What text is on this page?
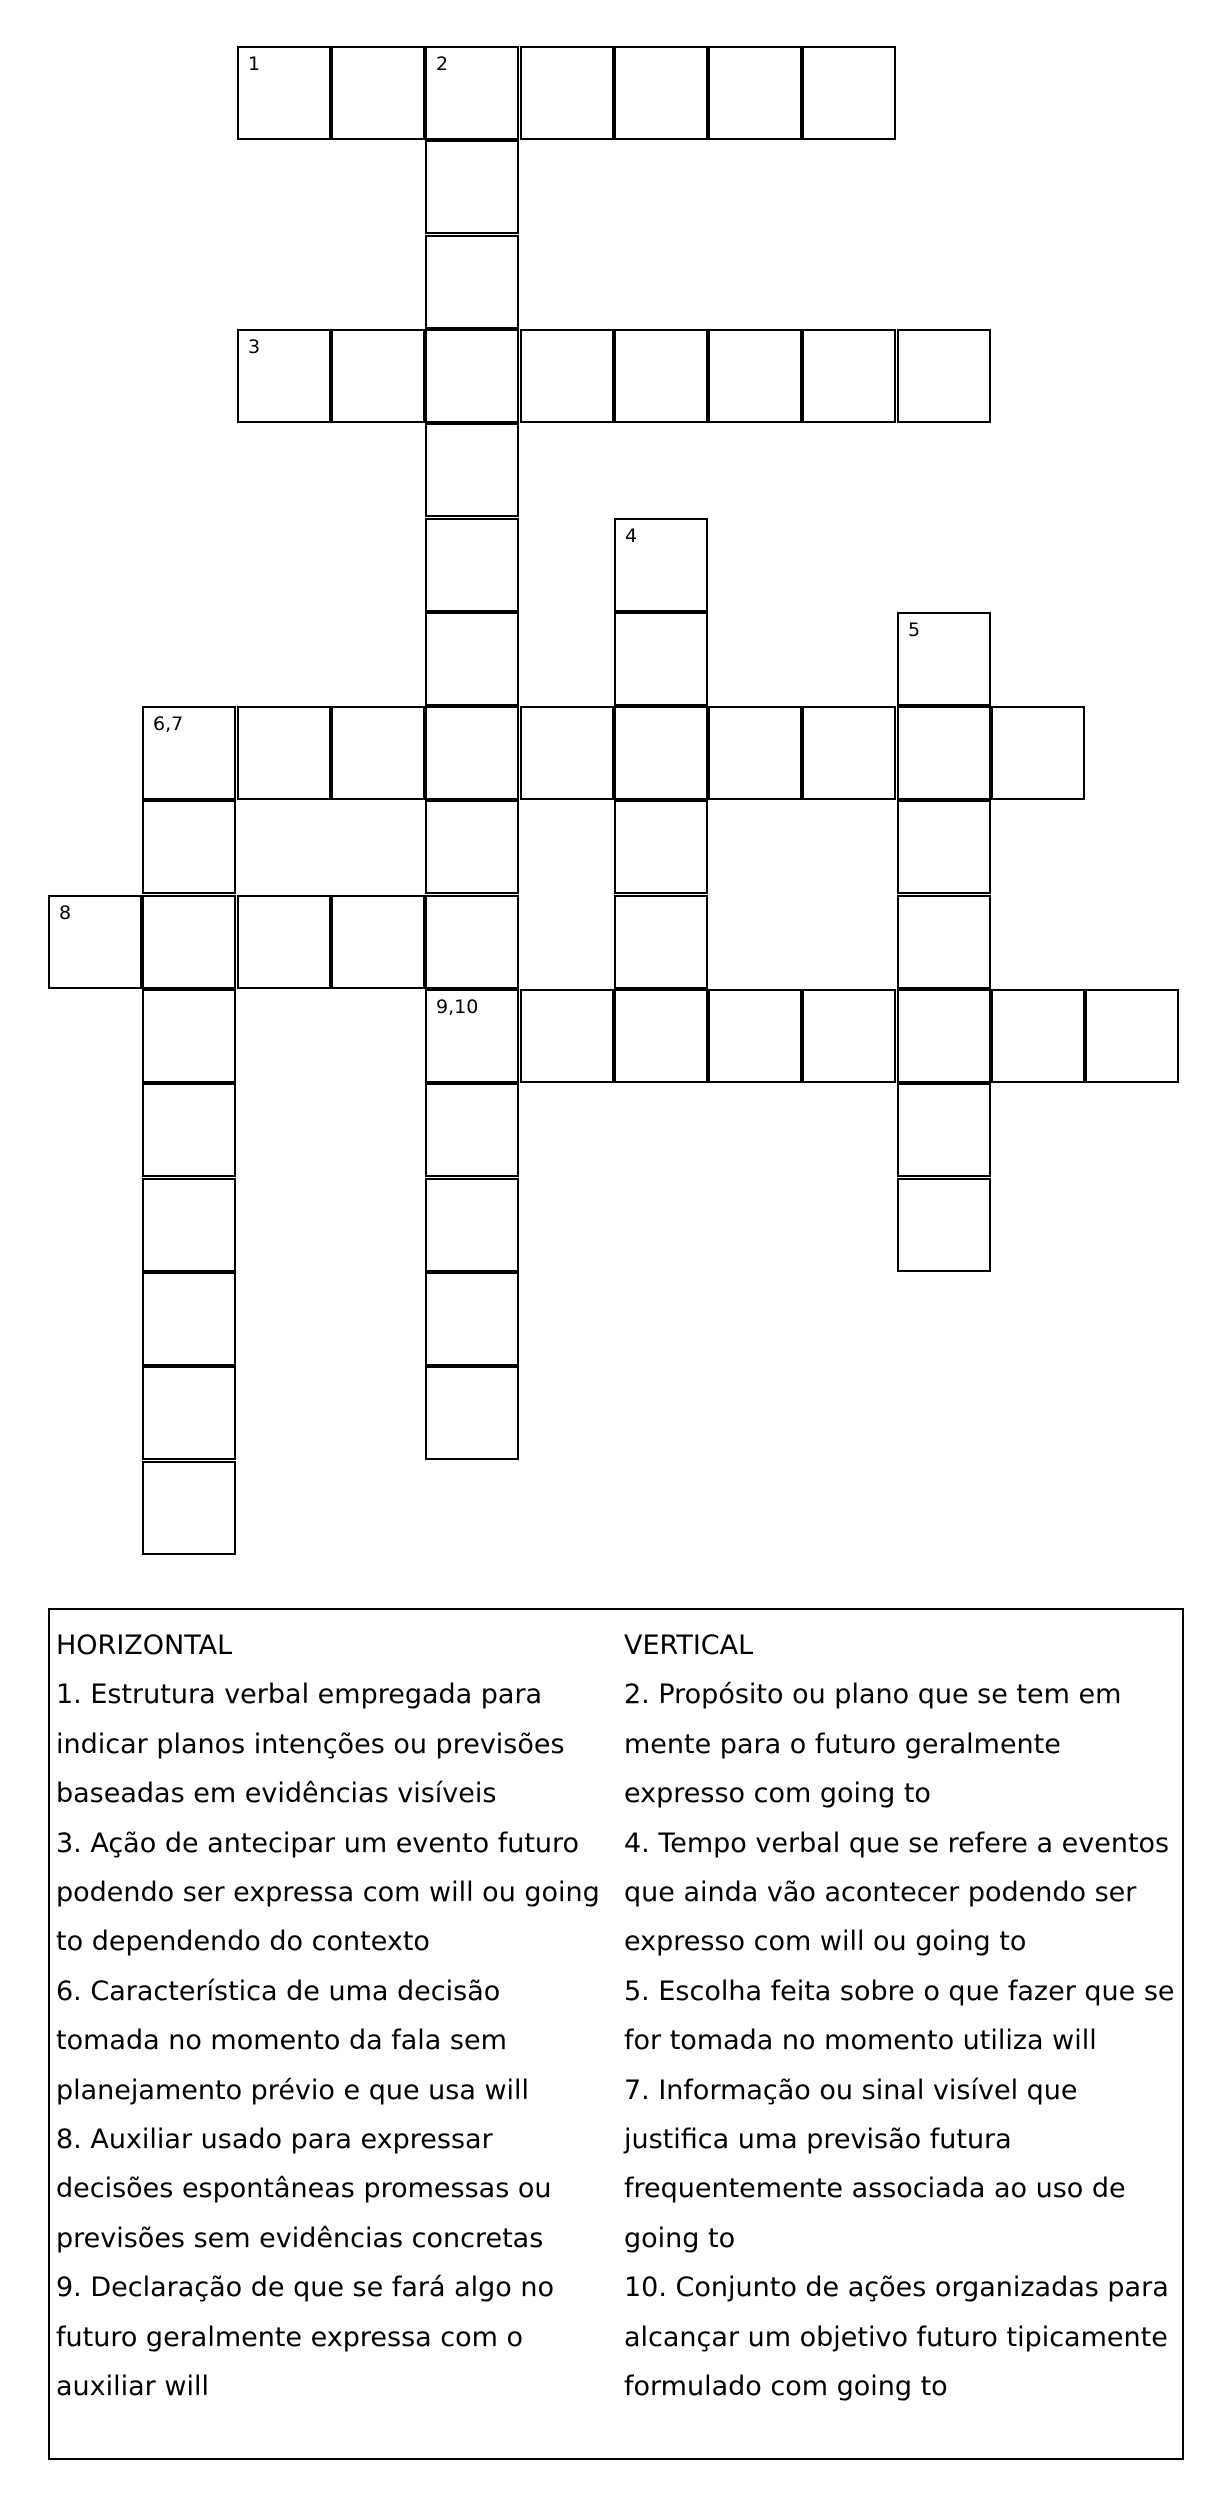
1	2
3
4
5
6,7
8
9,10
HORIZONTAL
1. Estrutura verbal empregada para
indicar planos intenções ou previsões
baseadas em evidências visíveis
3. Ação de antecipar um evento futuro
podendo ser expressa com will ou going
to dependendo do contexto
6. Característica de uma decisão
tomada no momento da fala sem
planejamento prévio e que usa will
8. Auxiliar usado para expressar
decisões espontâneas promessas ou
previsões sem evidências concretas
9. Declaração de que se fará algo no
futuro geralmente expressa com o
auxiliar will
VERTICAL
2. Propósito ou plano que se tem em
mente para o futuro geralmente
expresso com going to
4. Tempo verbal que se refere a eventos
que ainda vão acontecer podendo ser
expresso com will ou going to
5. Escolha feita sobre o que fazer que se
for tomada no momento utiliza will
7. Informação ou sinal visível que
justifica uma previsão futura
frequentemente associada ao uso de
going to
10. Conjunto de ações organizadas para
alcançar um objetivo futuro tipicamente
formulado com going to
